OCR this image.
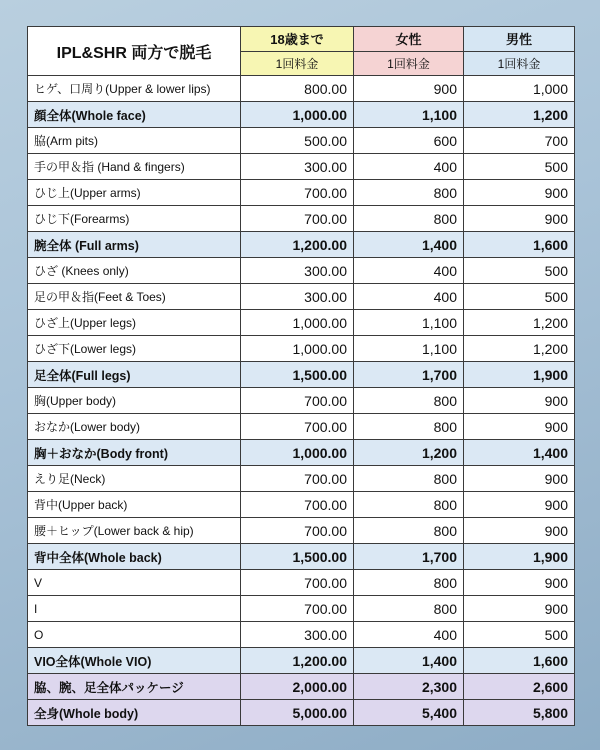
IPL&SHR 両方で脱毛	18歳まで	女性	男性
	1回料金	1回料金	1回料金
ヒゲ、口周り(Upper & lower lips)	800.00	900	1,000
顔全体(Whole face)	1,000.00	1,100	1,200
脇(Arm pits)	500.00	600	700
手の甲＆指 (Hand & fingers)	300.00	400	500
ひじ上(Upper arms)	700.00	800	900
ひじ下(Forearms)	700.00	800	900
腕全体 (Full arms)	1,200.00	1,400	1,600
ひざ (Knees only)	300.00	400	500
足の甲＆指(Feet & Toes)	300.00	400	500
ひざ上(Upper legs)	1,000.00	1,100	1,200
ひざ下(Lower legs)	1,000.00	1,100	1,200
足全体(Full legs)	1,500.00	1,700	1,900
胸(Upper body)	700.00	800	900
おなか(Lower body)	700.00	800	900
胸＋おなか(Body front)	1,000.00	1,200	1,400
えり足(Neck)	700.00	800	900
背中(Upper back)	700.00	800	900
腰＋ヒップ(Lower back & hip)	700.00	800	900
背中全体(Whole back)	1,500.00	1,700	1,900
V	700.00	800	900
I	700.00	800	900
O	300.00	400	500
VIO全体(Whole VIO)	1,200.00	1,400	1,600
脇、腕、足全体パッケージ	2,000.00	2,300	2,600
全身(Whole body)	5,000.00	5,400	5,800
